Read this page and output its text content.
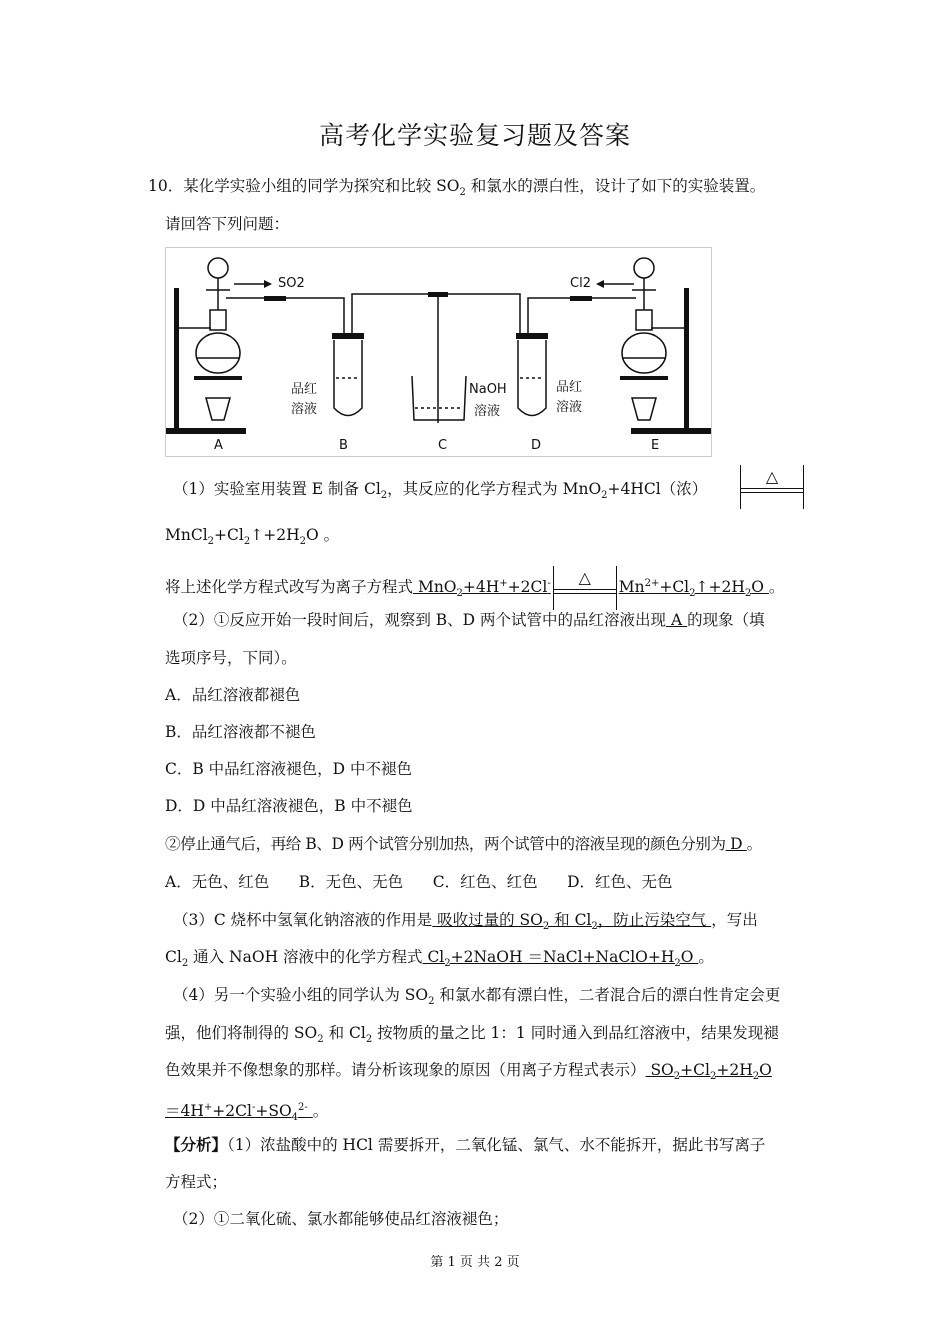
高考化学实验复习题及答案
10．某化学实验小组的同学为探究和比较 $SO_2$ 和氯水的漂白性，设计了如下的实验装置。
请回答下列问题：
SO2	Cl2
品红
溶液
NaOH
溶液
品红
溶液
A	B	C	D	E
（1）实验室用装置 E 制备 $Cl_2$，其反应的化学方程式为 MnO$_2$+4HCl（浓）
△
$MnCl_2+Cl_2↑+2H_2O$ 。
将上述化学方程式改写为离子方程式 MnO$_2$+4H++2Cl-	△	$Mn^{2+}+Cl_2↑+2H_2O$ 。
（2）①反应开始一段时间后，观察到 B、D 两个试管中的品红溶液出现 A 的现象（填
选项序号，下同）。
A．品红溶液都褪色
B．品红溶液都不褪色
C．B 中品红溶液褪色，D 中不褪色
D．D 中品红溶液褪色，B 中不褪色
②停止通气后，再给 B、D 两个试管分别加热，两个试管中的溶液呈现的颜色分别为 D 。
A．无色、红色      B．无色、无色      C．红色、红色      D．红色、无色
（3）C 烧杯中氢氧化钠溶液的作用是 吸收过量的 $SO_2$ 和 $Cl_2$，防止污染空气 ，写出
$Cl_2$ 通入 NaOH 溶液中的化学方程式 $Cl_2+2NaOH$ $=NaCl+NaClO+H_2O$ 。
（4）另一个实验小组的同学认为 $SO_2$ 和氯水都有漂白性，二者混合后的漂白性肯定会更
强，他们将制得的 $SO_2$ 和 $Cl_2$ 按物质的量之比 1：1 同时通入到品红溶液中，结果发现褪
色效果并不像想象的那样。请分析该现象的原因（用离子方程式表示） $SO_2+Cl_2+2H_2O$
$=4H^++2Cl^-+SO_4^{2-}$ 。
【分析】（1）浓盐酸中的 HCl 需要拆开，二氧化锰、氯气、水不能拆开，据此书写离子
方程式；
（2）①二氧化硫、氯水都能够使品红溶液褪色；
第 1 页 共 2 页
